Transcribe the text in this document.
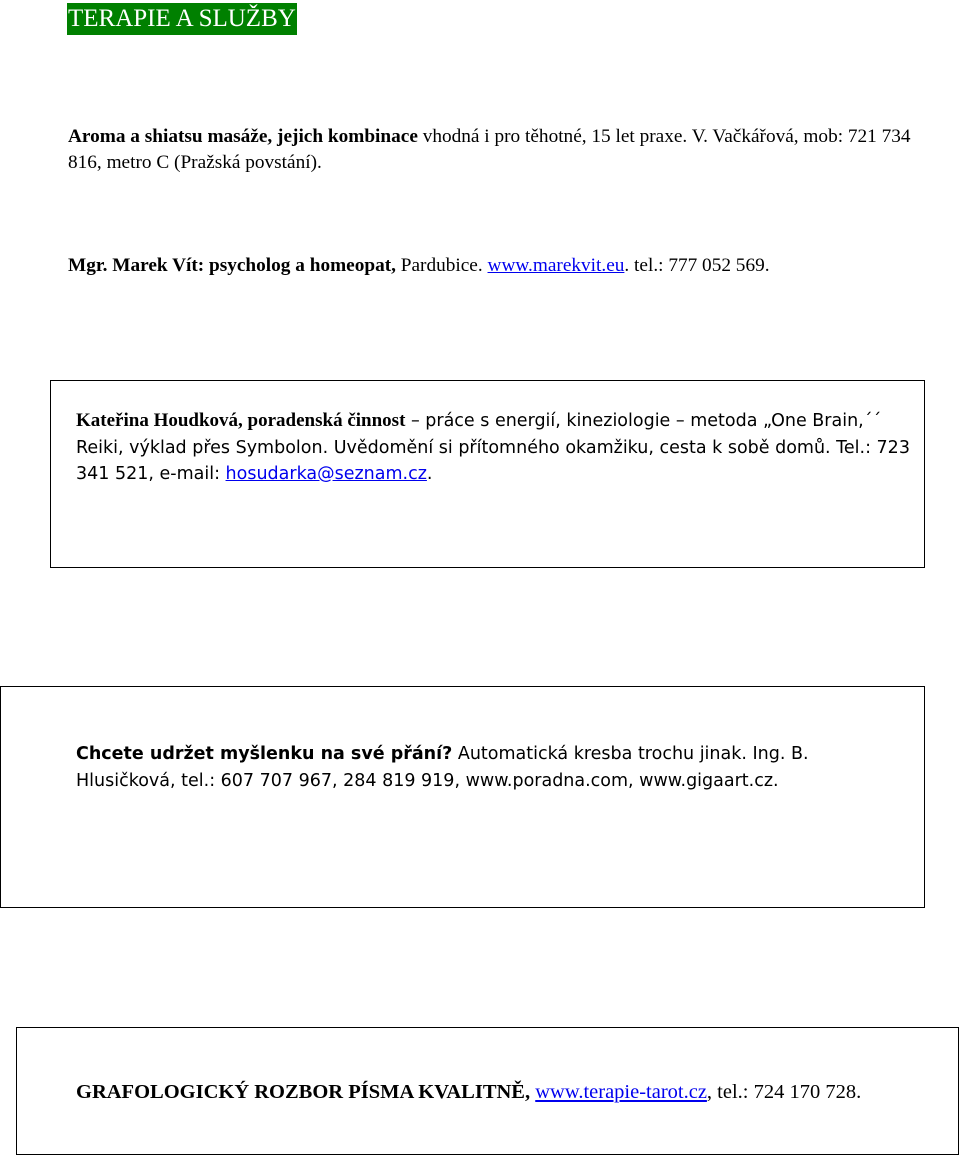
TERAPIE A SLUŽBY

Aroma a shiatsu masáže, jejich kombinace vhodná i pro těhotné, 15 let praxe. V. Vačkářová, mob: 721 734 816, metro C (Pražská povstání).

Mgr. Marek Vít: psycholog a homeopat, Pardubice. www.marekvit.eu. tel.: 777 052 569.

Kateřina Houdková, poradenská činnost – práce s energií, kineziologie – metoda „One Brain,´´ Reiki, výklad přes Symbolon. Uvědomění si přítomného okamžiku, cesta k sobě domů. Tel.: 723 341 521, e-mail: hosudarka@seznam.cz.

Chcete udržet myšlenku na své přání? Automatická kresba trochu jinak. Ing. B. Hlusičková, tel.: 607 707 967, 284 819 919, www.poradna.com, www.gigaart.cz.

GRAFOLOGICKÝ ROZBOR PÍSMA KVALITNĚ, www.terapie-tarot.cz, tel.: 724 170 728.
